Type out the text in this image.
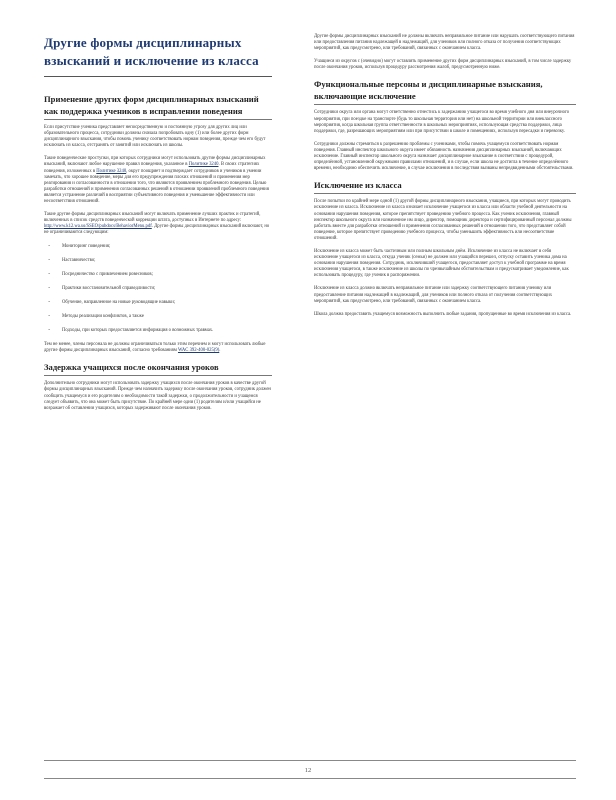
Другие формы дисциплинарных взысканий и исключение из класса
Применение других форм дисциплинарных взысканий как поддержка учеников в исправлении поведения

Если присутствие ученика представляет непосредственную и постоянную угрозу для других лиц или образовательного процесса, сотрудники должны сначала попробовать одну (1) или более других форм дисциплинарного взыскания, чтобы помочь ученику соответствовать нормам поведения, прежде чем его будут исключать из класса, отстранять от занятий или исключать из школы.

Такие поведенческие проступки, при которых сотрудники могут использовать другие формы дисциплинарных взысканий, включают любое нарушение правил поведения, указанное в Политике 3240. В своих стратегиях поведения, изложенных в Политике 3240, округ поощряет и подтверждает сотрудников и учеников в умении замечать, что хорошее поведение, меры для его предупреждения плохих отношений и применения мер реагирования и согласованности в отношении того, что являются проявлением проблемного поведения. Целью разработки отношений и применения согласованных решений в отношении проявлений проблемного поведения является устранение различий в восприятии субъективного поведения и уменьшение эффективности или несоответствия отношений.

Такие другие формы дисциплинарных взысканий могут включать применение лучших практик и стратегий, включенных в список средств поведенческой коррекции штата, доступных в Интернете по адресу: http://www.k12.wa.us/SSEO/pubdocs/BehaviorMenu.pdf. Другие формы дисциплинарных взысканий включают, но не ограничиваются следующим:

⁃ Мониторинг поведения;
⁃ Наставничество;
⁃ Посредничество с привлечением ровесников;
⁃ Практики восстановительной справедливости;
⁃ Обучение, направленное на новые руководящие навыки;
⁃ Методы реализации конфликтов, а также
⁃ Подходы, при которых предоставляется информация о возможных травмах.

Тем не менее, члены персонала не должны ограничиваться только этим перечнем и могут использовать любые другие формы дисциплинарных взысканий, согласно требованиям WAC 392-400-025(9).

Задержка учащихся после окончания уроков

Дополнительно сотрудники могут использовать задержку учащихся после окончания уроков в качестве другой формы дисциплинарных взысканий. Прежде чем назначить задержку после окончания уроков, сотрудник должен сообщить учащемуся и его родителям о необходимости такой задержки, о продолжительности и учащемся следует объявить, что она может быть присутствие. По крайней мере одни (1) родителям и/или учащийся не возражает об оставлении учащихся, которых задерживают после окончания уроков.

Другие формы дисциплинарных взысканий не должны включать неправильное питание или нарушать соответствующего питания или предоставления питания надлежащей в надлежащий, для учеников или полного отказа от получения соответствующих мероприятий, как предусмотрено, или требований, связанных с окончанием класса.

Учащиеся из округов с (очевидно) могут оставлять применение других форм дисциплинарных взысканий, в том числе задержку после окончания уроков, используя процедуру рассмотрения жалоб, предусмотренную ниже.

Функциональные персоны и дисциплинарные взыскания, включающие исключение

Сотрудники округа или органа могут ответственно отнестись к задержанию учащегося во время учебного дня или внеурочного мероприятия, при поездке на транспорте (будь то школьная территория или нет) на школьной территории или внеклассного мероприятия, когда школьная группа ответственности в школьных мероприятиях, использующая средства поддержки, лица поддержки, где, разрешающих мероприятиям или при присутствии в школе и помещениях, используя пересадки и перевозку.

Сотрудники должны стремиться к разрешению проблемы с учениками, чтобы помочь учащемуся соответствовать нормам поведения. Главный инспектор школьного округа имеет обязанность назначения дисциплинарных взысканий, включающих исключение. Главный инспектор школьного округа назначает дисциплинарное взыскание в соответствии с процедурой, определённой, установленной окружными правилами отношений, и в случае, если школа не достигла в течение определённого времени, необходимо обеспечить исключение, в случае исключения в последствия вызваны непредвиденными обстоятельствами.

Исключение из класса

После попытки по крайней мере одной (1) другой формы дисциплинарного взыскания, учащиеся, при которых могут проводить исключение из класса. Исключение из класса означает исключение учащегося из класса или области учебной деятельности на основании нарушения поведения, которое препятствует проведению учебного процесса. Как ученик исключения, главный инспектор школьного округа или назначенное им лицо, директор, помощник директора и сертифицированный персонал должны работать вместе для разработки отношений и применения согласованных решений в отношении того, что представляет собой поведение, которое препятствует проведению учебного процесса, чтобы уменьшить эффективность или несоответствие отношений.

Исключение из класса может быть частичным или полным школьным днём. Исключение из класса не включает в себя исключение учащегося из класса, откуда ученик (семьи) не должен или учащийся перешел, отпуску оставить ученика дома на основании нарушения поведения. Сотрудник, исключивший учащегося, предоставляет доступ к учебной программе на время исключения учащегося, в также исключение из школы по чрезвычайным обстоятельствам и предусматривает уведомление, как использовать процедуру, где ученик в распоряжении.

Исключение из класса должно включать неправильное питание или задержку соответствующего питания ученику или предоставление питания надлежащей в надлежащий, для учеников или полного отказа от получения соответствующих мероприятий, как предусмотрено, или требований, связанных с окончанием класса.

Школа должна предоставить учащемуся возможность выполнить любые задания, пропущенные во время исключения из класса.

12
